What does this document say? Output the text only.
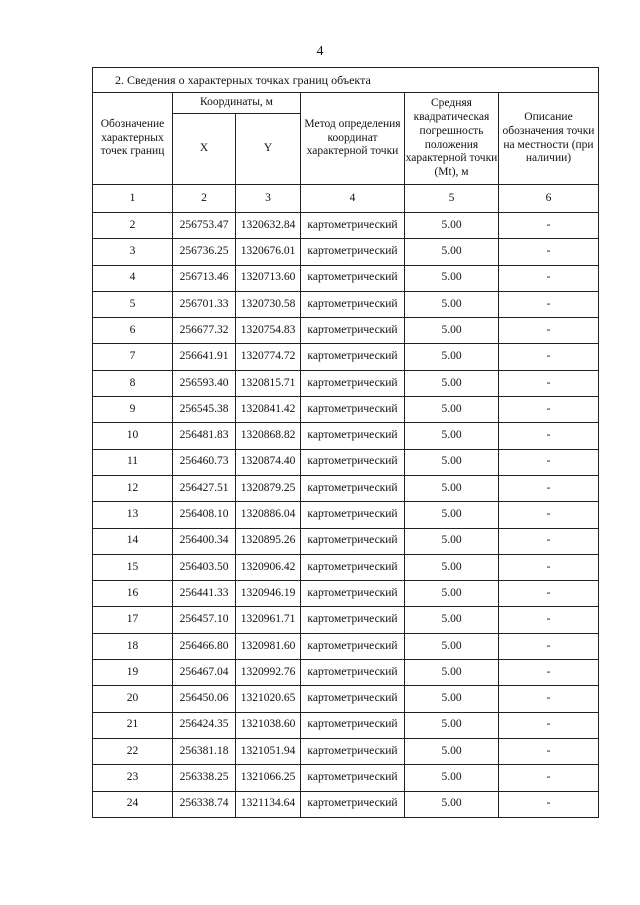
4
2. Сведения о характерных точках границ объекта					
Обозначение характерных точек границ	Координаты, м		Метод определения координат характерной точки	Средняя квадратическая погрешность положения характерной точки (Mt), м	Описание обозначения точки на местности (при наличии)
	X	Y			
1	2	3	4	5	6
2	256753.47	1320632.84	картометрический	5.00	-
3	256736.25	1320676.01	картометрический	5.00	-
4	256713.46	1320713.60	картометрический	5.00	-
5	256701.33	1320730.58	картометрический	5.00	-
6	256677.32	1320754.83	картометрический	5.00	-
7	256641.91	1320774.72	картометрический	5.00	-
8	256593.40	1320815.71	картометрический	5.00	-
9	256545.38	1320841.42	картометрический	5.00	-
10	256481.83	1320868.82	картометрический	5.00	-
11	256460.73	1320874.40	картометрический	5.00	-
12	256427.51	1320879.25	картометрический	5.00	-
13	256408.10	1320886.04	картометрический	5.00	-
14	256400.34	1320895.26	картометрический	5.00	-
15	256403.50	1320906.42	картометрический	5.00	-
16	256441.33	1320946.19	картометрический	5.00	-
17	256457.10	1320961.71	картометрический	5.00	-
18	256466.80	1320981.60	картометрический	5.00	-
19	256467.04	1320992.76	картометрический	5.00	-
20	256450.06	1321020.65	картометрический	5.00	-
21	256424.35	1321038.60	картометрический	5.00	-
22	256381.18	1321051.94	картометрический	5.00	-
23	256338.25	1321066.25	картометрический	5.00	-
24	256338.74	1321134.64	картометрический	5.00	-
